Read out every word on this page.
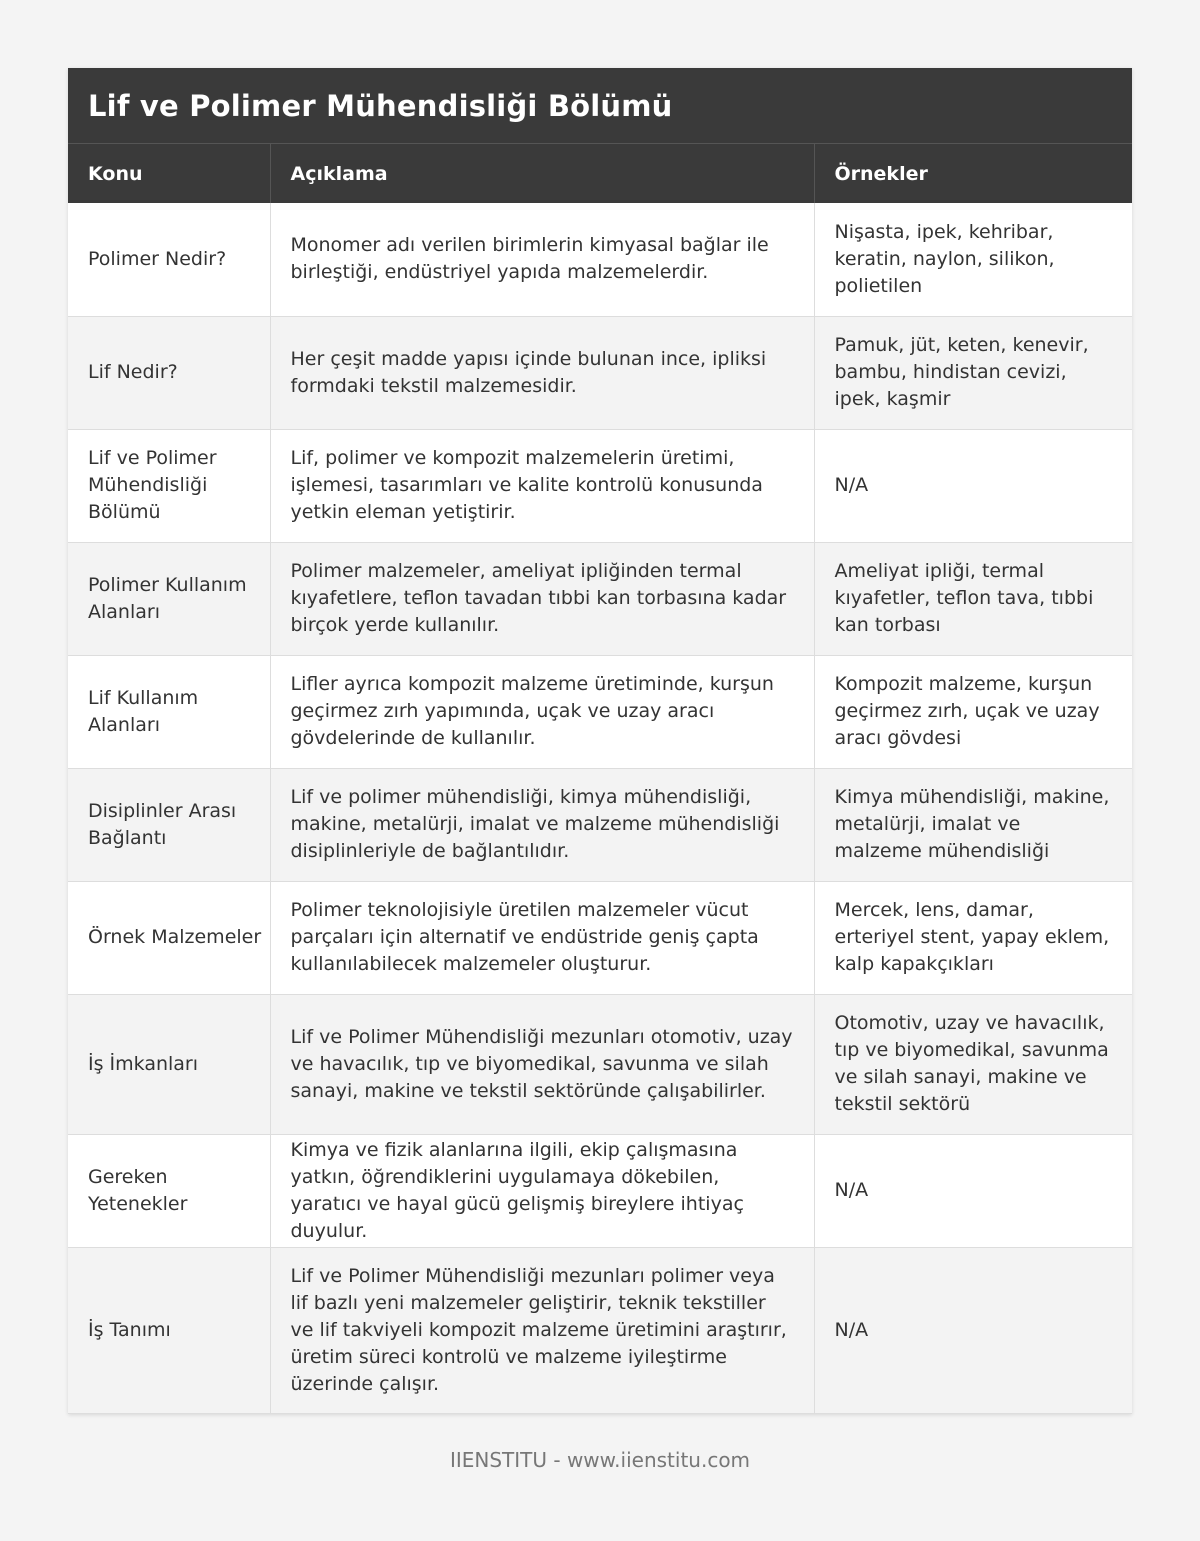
Lif ve Polimer Mühendisliği Bölümü
Konu	Açıklama	Örnekler
Polimer Nedir?	Monomer adı verilen birimlerin kimyasal bağlar ile birleştiği, endüstriyel yapıda malzemelerdir.	Nişasta, ipek, kehribar, keratin, naylon, silikon, polietilen
Lif Nedir?	Her çeşit madde yapısı içinde bulunan ince, ipliksi formdaki tekstil malzemesidir.	Pamuk, jüt, keten, kenevir, bambu, hindistan cevizi, ipek, kaşmir
Lif ve Polimer Mühendisliği Bölümü	Lif, polimer ve kompozit malzemelerin üretimi, işlemesi, tasarımları ve kalite kontrolü konusunda yetkin eleman yetiştirir.	N/A
Polimer Kullanım Alanları	Polimer malzemeler, ameliyat ipliğinden termal kıyafetlere, teflon tavadan tıbbi kan torbasına kadar birçok yerde kullanılır.	Ameliyat ipliği, termal kıyafetler, teflon tava, tıbbi kan torbası
Lif Kullanım Alanları	Lifler ayrıca kompozit malzeme üretiminde, kurşun geçirmez zırh yapımında, uçak ve uzay aracı gövdelerinde de kullanılır.	Kompozit malzeme, kurşun geçirmez zırh, uçak ve uzay aracı gövdesi
Disiplinler Arası Bağlantı	Lif ve polimer mühendisliği, kimya mühendisliği, makine, metalürji, imalat ve malzeme mühendisliği disiplinleriyle de bağlantılıdır.	Kimya mühendisliği, makine, metalürji, imalat ve malzeme mühendisliği
Örnek Malzemeler	Polimer teknolojisiyle üretilen malzemeler vücut parçaları için alternatif ve endüstride geniş çapta kullanılabilecek malzemeler oluşturur.	Mercek, lens, damar, erteriyel stent, yapay eklem, kalp kapakçıkları
İş İmkanları	Lif ve Polimer Mühendisliği mezunları otomotiv, uzay ve havacılık, tıp ve biyomedikal, savunma ve silah sanayi, makine ve tekstil sektöründe çalışabilirler.	Otomotiv, uzay ve havacılık, tıp ve biyomedikal, savunma ve silah sanayi, makine ve tekstil sektörü
Gereken Yetenekler	Kimya ve fizik alanlarına ilgili, ekip çalışmasına yatkın, öğrendiklerini uygulamaya dökebilen, yaratıcı ve hayal gücü gelişmiş bireylere ihtiyaç duyulur.	N/A
İş Tanımı	Lif ve Polimer Mühendisliği mezunları polimer veya lif bazlı yeni malzemeler geliştirir, teknik tekstiller ve lif takviyeli kompozit malzeme üretimini araştırır, üretim süreci kontrolü ve malzeme iyileştirme üzerinde çalışır.	N/A
IIENSTITU - www.iienstitu.com
